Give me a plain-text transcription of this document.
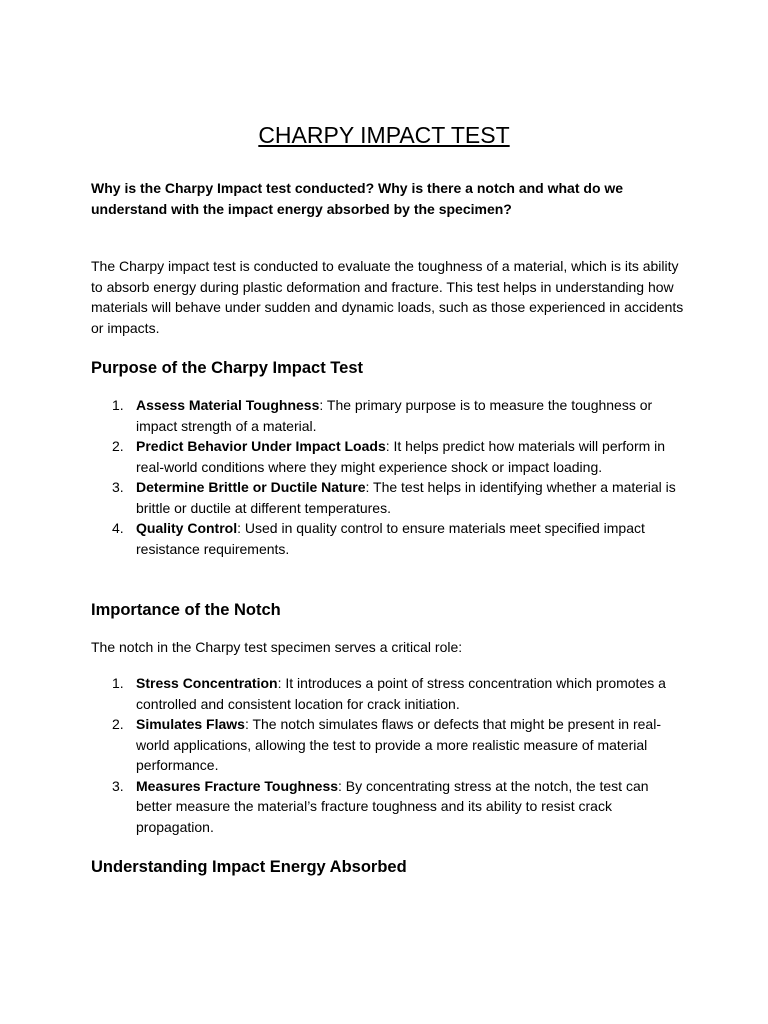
CHARPY IMPACT TEST
Why is the Charpy Impact test conducted? Why is there a notch and what do we understand with the impact energy absorbed by the specimen?
The Charpy impact test is conducted to evaluate the toughness of a material, which is its ability to absorb energy during plastic deformation and fracture. This test helps in understanding how materials will behave under sudden and dynamic loads, such as those experienced in accidents or impacts.
Purpose of the Charpy Impact Test
1. Assess Material Toughness: The primary purpose is to measure the toughness or impact strength of a material.
2. Predict Behavior Under Impact Loads: It helps predict how materials will perform in real-world conditions where they might experience shock or impact loading.
3. Determine Brittle or Ductile Nature: The test helps in identifying whether a material is brittle or ductile at different temperatures.
4. Quality Control: Used in quality control to ensure materials meet specified impact resistance requirements.
Importance of the Notch
The notch in the Charpy test specimen serves a critical role:
1. Stress Concentration: It introduces a point of stress concentration which promotes a controlled and consistent location for crack initiation.
2. Simulates Flaws: The notch simulates flaws or defects that might be present in real-world applications, allowing the test to provide a more realistic measure of material performance.
3. Measures Fracture Toughness: By concentrating stress at the notch, the test can better measure the material’s fracture toughness and its ability to resist crack propagation.
Understanding Impact Energy Absorbed
